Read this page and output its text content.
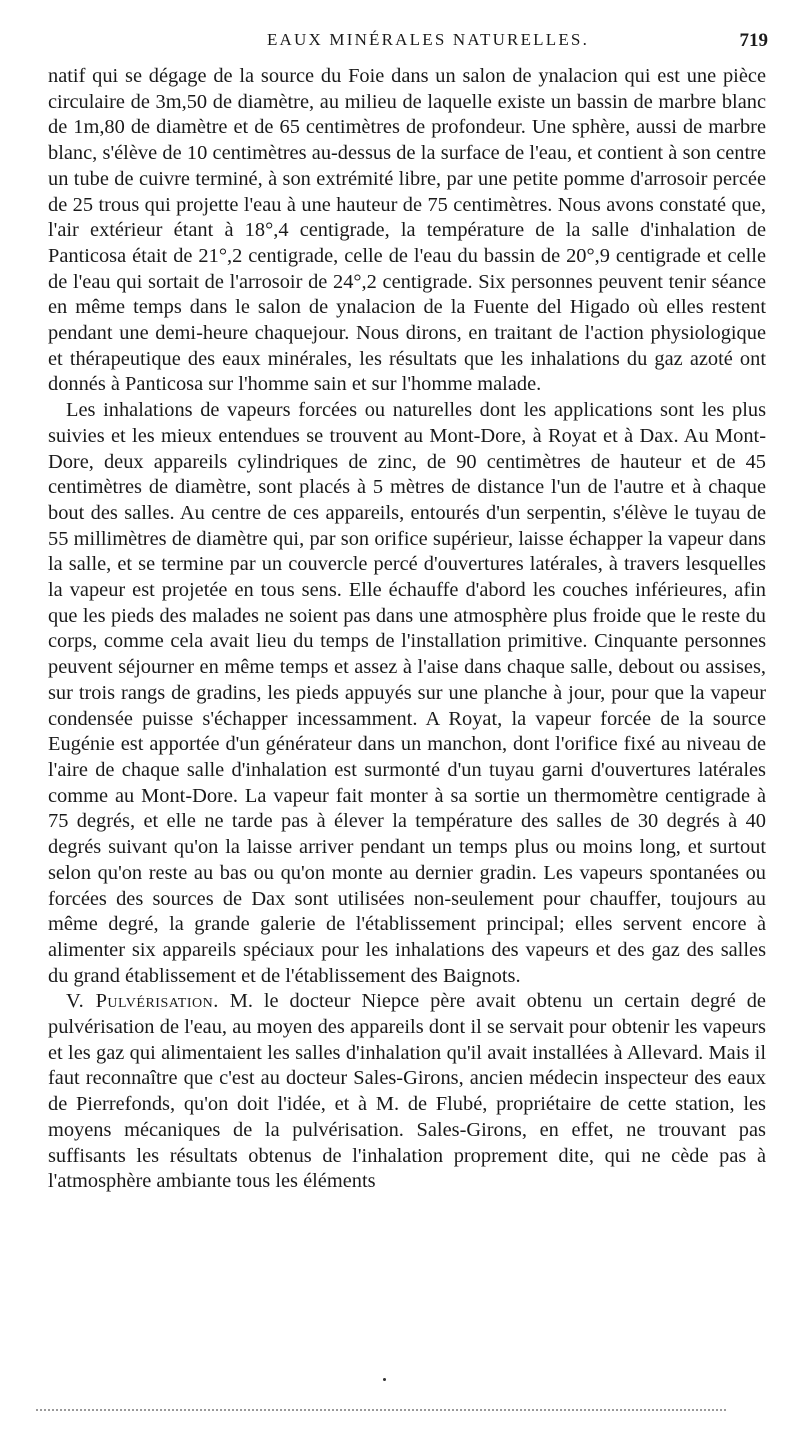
EAUX MINÉRALES NATURELLES.	719

natif qui se dégage de la source du Foie dans un salon de ynalacion qui est une pièce circulaire de 3m,50 de diamètre, au milieu de laquelle existe un bassin de marbre blanc de 1m,80 de diamètre et de 65 centimètres de profondeur. Une sphère, aussi de marbre blanc, s'élève de 10 centimètres au-dessus de la surface de l'eau, et contient à son centre un tube de cuivre terminé, à son extrémité libre, par une petite pomme d'arrosoir percée de 25 trous qui projette l'eau à une hauteur de 75 centimètres. Nous avons constaté que, l'air extérieur étant à 18°,4 centigrade, la température de la salle d'inhalation de Panticosa était de 21°,2 centigrade, celle de l'eau du bassin de 20°,9 centigrade et celle de l'eau qui sortait de l'arrosoir de 24°,2 centigrade. Six personnes peuvent tenir séance en même temps dans le salon de ynalacion de la Fuente del Higado où elles restent pendant une demi-heure chaquejour. Nous dirons, en traitant de l'action physiologique et thérapeutique des eaux minérales, les résultats que les inhalations du gaz azoté ont donnés à Panticosa sur l'homme sain et sur l'homme malade.

Les inhalations de vapeurs forcées ou naturelles dont les applications sont les plus suivies et les mieux entendues se trouvent au Mont-Dore, à Royat et à Dax. Au Mont-Dore, deux appareils cylindriques de zinc, de 90 centimètres de hauteur et de 45 centimètres de diamètre, sont placés à 5 mètres de distance l'un de l'autre et à chaque bout des salles. Au centre de ces appareils, entourés d'un serpentin, s'élève le tuyau de 55 millimètres de diamètre qui, par son orifice supérieur, laisse échapper la vapeur dans la salle, et se termine par un couvercle percé d'ouvertures latérales, à travers lesquelles la vapeur est projetée en tous sens. Elle échauffe d'abord les couches inférieures, afin que les pieds des malades ne soient pas dans une atmosphère plus froide que le reste du corps, comme cela avait lieu du temps de l'installation primitive. Cinquante personnes peuvent séjourner en même temps et assez à l'aise dans chaque salle, debout ou assises, sur trois rangs de gradins, les pieds appuyés sur une planche à jour, pour que la vapeur condensée puisse s'échapper incessamment. A Royat, la vapeur forcée de la source Eugénie est apportée d'un générateur dans un manchon, dont l'orifice fixé au niveau de l'aire de chaque salle d'inhalation est surmonté d'un tuyau garni d'ouvertures latérales comme au Mont-Dore. La vapeur fait monter à sa sortie un thermomètre centigrade à 75 degrés, et elle ne tarde pas à élever la température des salles de 30 degrés à 40 degrés suivant qu'on la laisse arriver pendant un temps plus ou moins long, et surtout selon qu'on reste au bas ou qu'on monte au dernier gradin. Les vapeurs spontanées ou forcées des sources de Dax sont utilisées non-seulement pour chauffer, toujours au même degré, la grande galerie de l'établissement principal; elles servent encore à alimenter six appareils spéciaux pour les inhalations des vapeurs et des gaz des salles du grand établissement et de l'établissement des Baignots.

V. Pulvérisation. M. le docteur Niepce père avait obtenu un certain degré de pulvérisation de l'eau, au moyen des appareils dont il se servait pour obtenir les vapeurs et les gaz qui alimentaient les salles d'inhalation qu'il avait installées à Allevard. Mais il faut reconnaître que c'est au docteur Sales-Girons, ancien médecin inspecteur des eaux de Pierrefonds, qu'on doit l'idée, et à M. de Flubé, propriétaire de cette station, les moyens mécaniques de la pulvérisation. Sales-Girons, en effet, ne trouvant pas suffisants les résultats obtenus de l'inhalation proprement dite, qui ne cède pas à l'atmosphère ambiante tous les éléments
